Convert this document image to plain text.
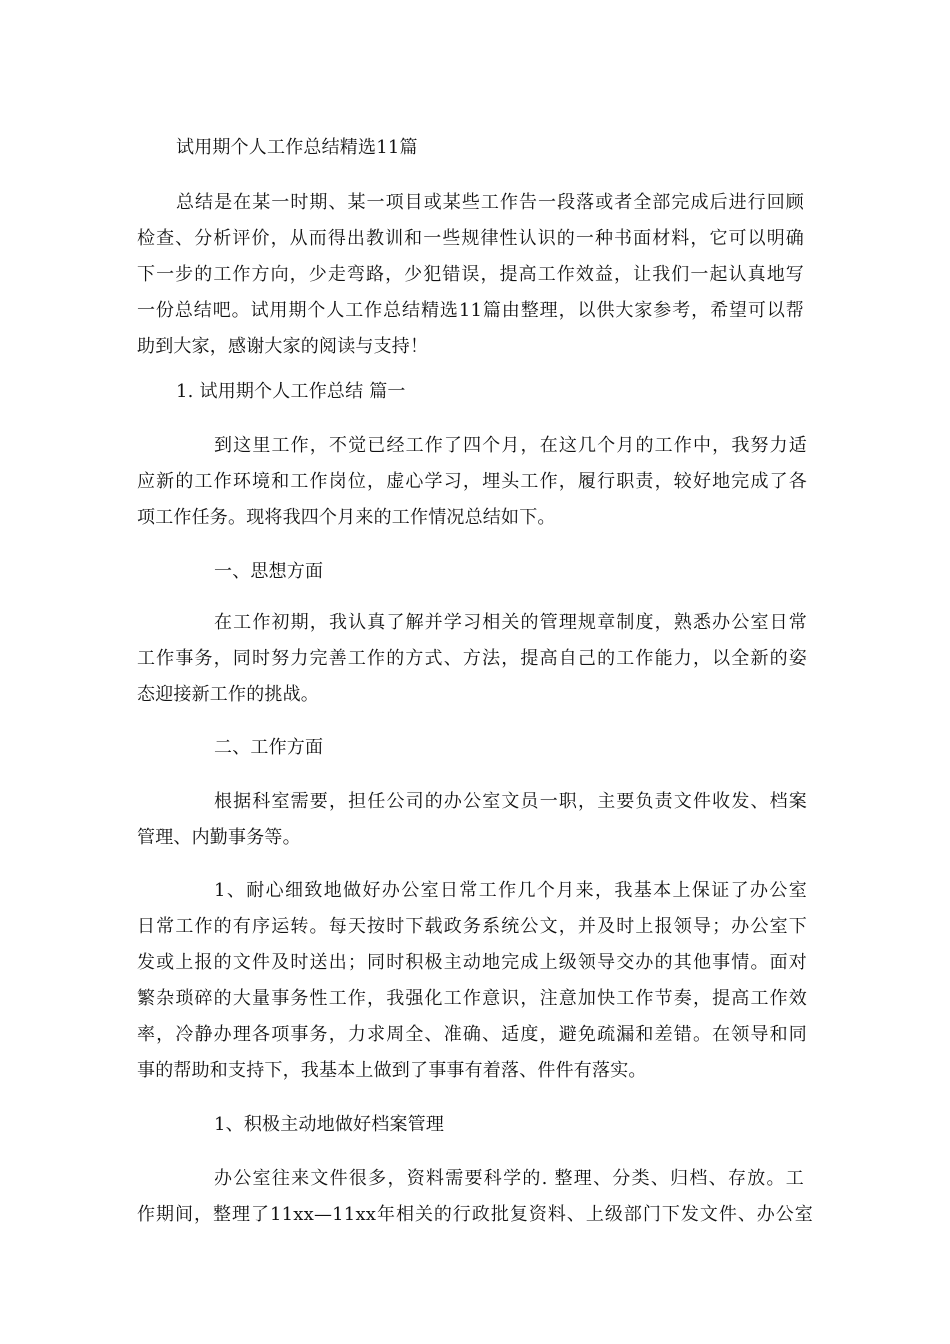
试用期个人工作总结精选11篇
总结是在某一时期、某一项目或某些工作告一段落或者全部完成后进行回顾
检查、分析评价，从而得出教训和一些规律性认识的一种书面材料，它可以明确
下一步的工作方向，少走弯路，少犯错误，提高工作效益，让我们一起认真地写
一份总结吧。试用期个人工作总结精选11篇由整理，以供大家参考，希望可以帮
助到大家，感谢大家的阅读与支持！
1. 试用期个人工作总结 篇一
到这里工作，不觉已经工作了四个月，在这几个月的工作中，我努力适
应新的工作环境和工作岗位，虚心学习，埋头工作，履行职责，较好地完成了各
项工作任务。现将我四个月来的工作情况总结如下。
一、思想方面
在工作初期，我认真了解并学习相关的管理规章制度，熟悉办公室日常
工作事务，同时努力完善工作的方式、方法，提高自己的工作能力，以全新的姿
态迎接新工作的挑战。
二、工作方面
根据科室需要，担任公司的办公室文员一职，主要负责文件收发、档案
管理、内勤事务等。
1、耐心细致地做好办公室日常工作几个月来，我基本上保证了办公室
日常工作的有序运转。每天按时下载政务系统公文，并及时上报领导；办公室下
发或上报的文件及时送出；同时积极主动地完成上级领导交办的其他事情。面对
繁杂琐碎的大量事务性工作，我强化工作意识，注意加快工作节奏，提高工作效
率，冷静办理各项事务，力求周全、准确、适度，避免疏漏和差错。在领导和同
事的帮助和支持下，我基本上做到了事事有着落、件件有落实。
1、积极主动地做好档案管理
办公室往来文件很多，资料需要科学的. 整理、分类、归档、存放。工
作期间，整理了11xx—11xx年相关的行政批复资料、上级部门下发文件、办公室
